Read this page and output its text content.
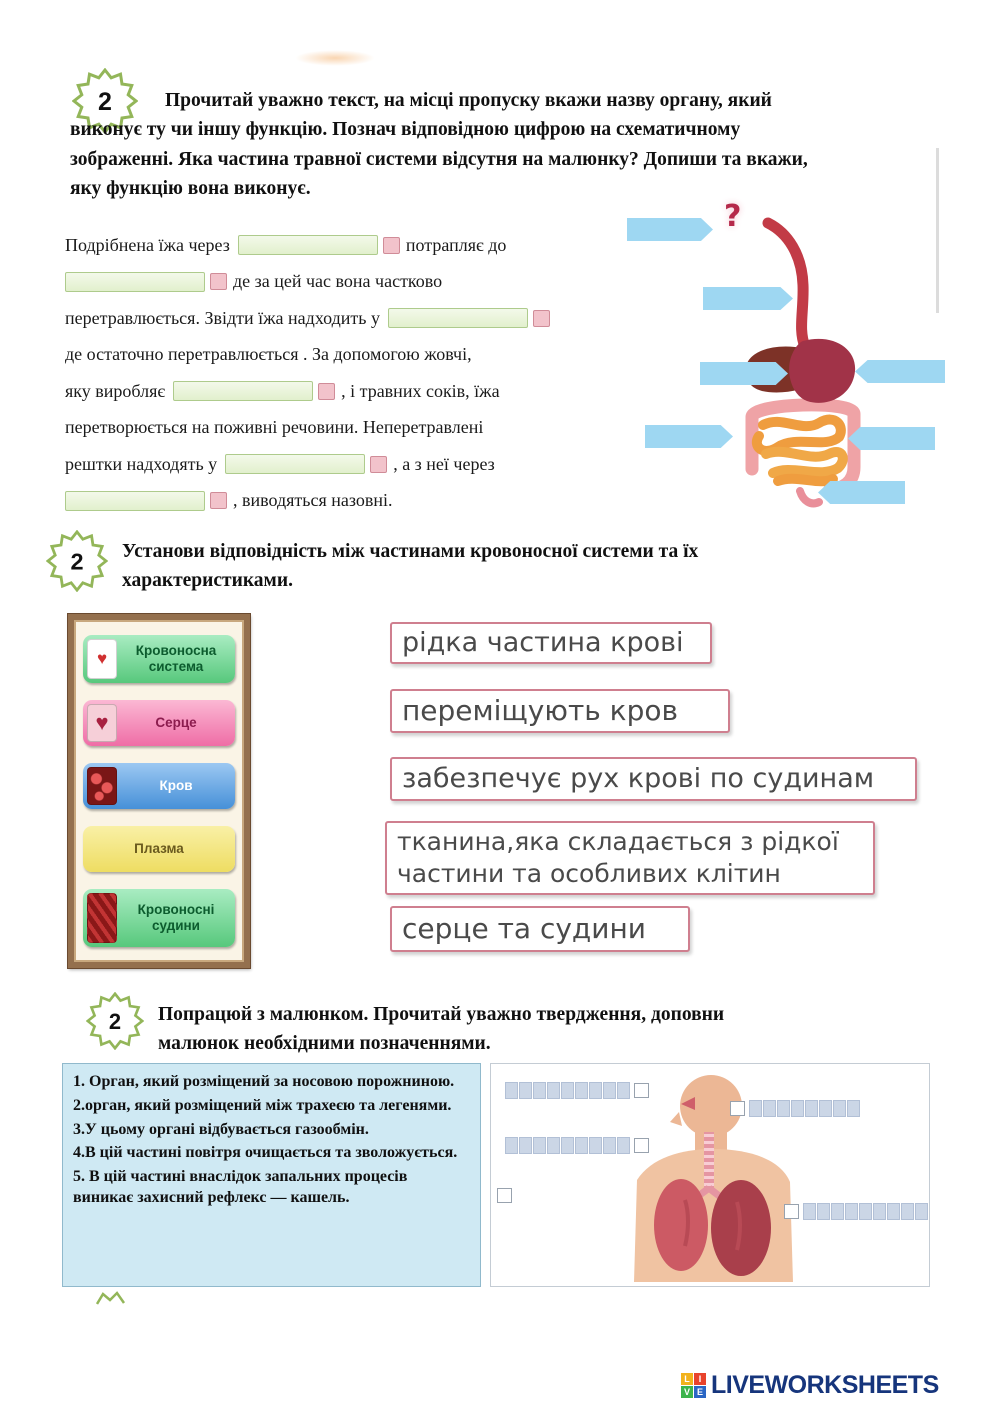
2	Прочитай уважно текст, на місці пропуску вкажи назву органу, який виконує ту чи іншу функцію. Познач відповідною цифрою на схематичному зображенні. Яка частина травної системи відсутня на малюнку? Допиши та вкажи, яку функцію вона виконує.
Подрібнена їжа через	потрапляє до
де за цей час вона частково
перетравлюється. Звідти їжа надходить у
де остаточно перетравлюється . За допомогою жовчі,
яку виробляє	, і травних соків, їжа
перетворюється на поживні речовини. Неперетравлені
рештки надходять у	, а з неї через
, виводяться назовні.
?
2 Установи відповідність між частинами кровоносної системи та їх характеристиками.
♥
Кровоносна система
♥
Серце
Кров
Плазма
Кровоносні судини
2 Попрацюй з малюнком. Прочитай уважно твердження, доповни малюнок необхідними позначеннями.

1. Орган, який розміщений за носовою порожниною.

2.орган, який розміщений між трахеєю та легенями.

3.У цьому органі відбувається газообмін.

4.В цій частині повітря очищається та зволожується.

5. В цій частині внаслідок запальних процесів виникає захисний рефлекс — кашель.

L I
V E LIVEWORKSHEETS
рідка частина крові
переміщують кров
забезпечує рух крові по судинам
тканина,яка складається з рідкої частини та особливих клітин
серце та судини
